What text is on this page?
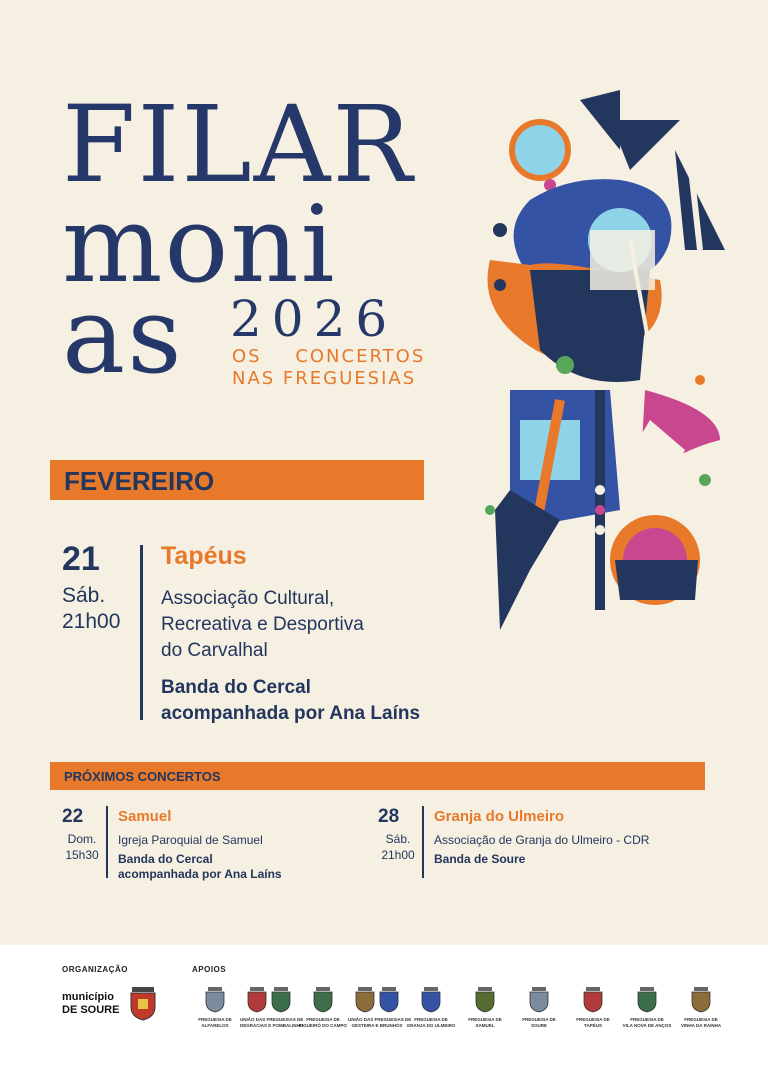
FILAR
moni
as 2026
OS CONCERTOS
NAS FREGUESIAS
FEVEREIRO
21
Sáb.
21h00
Tapéus
Associação Cultural,
Recreativa e Desportiva
do Carvalhal
Banda do Cercal
acompanhada por Ana Laíns
PRÓXIMOS CONCERTOS
22
Dom.
15h30
Samuel
Igreja Paroquial de Samuel
Banda do Cercal
acompanhada por Ana Laíns
28
Sáb.
21h00
Granja do Ulmeiro
Associação de Granja do Ulmeiro - CDR
Banda de Soure
ORGANIZAÇÃO	APOIOS
município
DE SOURE
FREGUESIA DE
ALFARELOS
UNIÃO DAS FREGUESIAS DE
DEGRACIAS E POMBALINHO
FREGUESIA DE
FIGUEIRÓ DO CAMPO
UNIÃO DAS FREGUESIAS DE
GESTEIRA E BRUNHÓS
FREGUESIA DE
GRANJA DO ULMEIRO
FREGUESIA DE
SAMUEL
FREGUESIA DE
SOURE
FREGUESIA DE
TAPÉUS
FREGUESIA DE
VILA NOVA DE ANÇOS
FREGUESIA DE
VINHA DA RAINHA
